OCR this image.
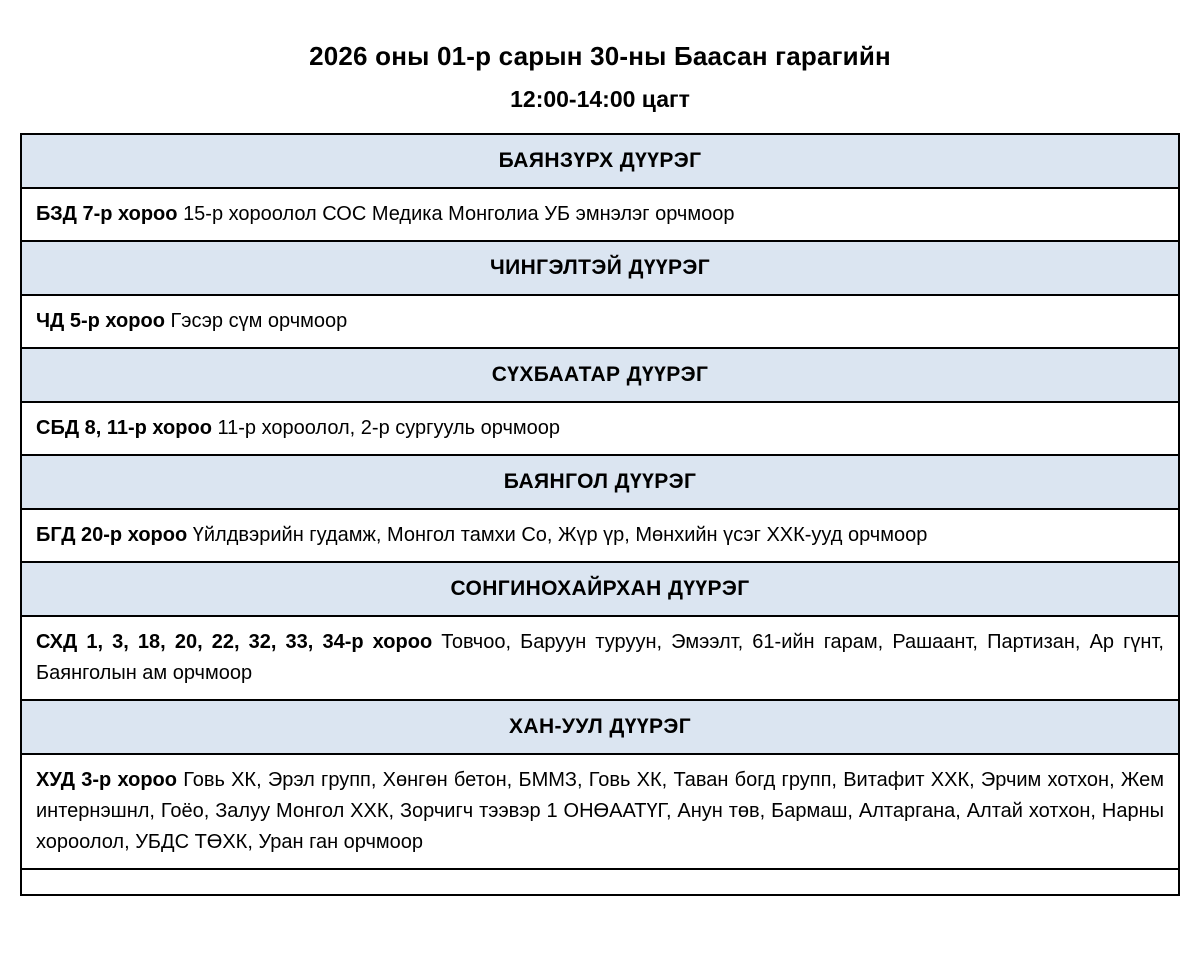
2026 оны 01-р сарын 30-ны Баасан гарагийн
12:00-14:00 цагт
БАЯНЗҮРХ ДҮҮРЭГ
БЗД 7-р хороо 15-р хороолол СОС Медика Монголиа УБ эмнэлэг орчмоор
ЧИНГЭЛТЭЙ ДҮҮРЭГ
ЧД 5-р хороо Гэсэр сүм орчмоор
СҮХБААТАР ДҮҮРЭГ
СБД 8, 11-р хороо 11-р хороолол, 2-р сургууль орчмоор
БАЯНГОЛ ДҮҮРЭГ
БГД 20-р хороо Үйлдвэрийн гудамж, Монгол тамхи Со, Жүр үр, Мөнхийн үсэг ХХК-ууд орчмоор
СОНГИНОХАЙРХАН ДҮҮРЭГ
СХД 1, 3, 18, 20, 22, 32, 33, 34-р хороо Товчоо, Баруун туруун, Эмээлт, 61-ийн гарам, Рашаант, Партизан, Ар гүнт, Баянголын ам орчмоор
ХАН-УУЛ ДҮҮРЭГ
ХУД 3-р хороо Говь ХК, Эрэл групп, Хөнгөн бетон, БММЗ, Говь ХК, Таван богд групп, Витафит ХХК, Эрчим хотхон, Жем интернэшнл, Гоёо, Залуу Монгол ХХК, Зорчигч тээвэр 1 ОНӨААТҮГ, Анун төв, Бармаш, Алтаргана, Алтай хотхон, Нарны хороолол, УБДС ТӨХК, Уран ган орчмоор
